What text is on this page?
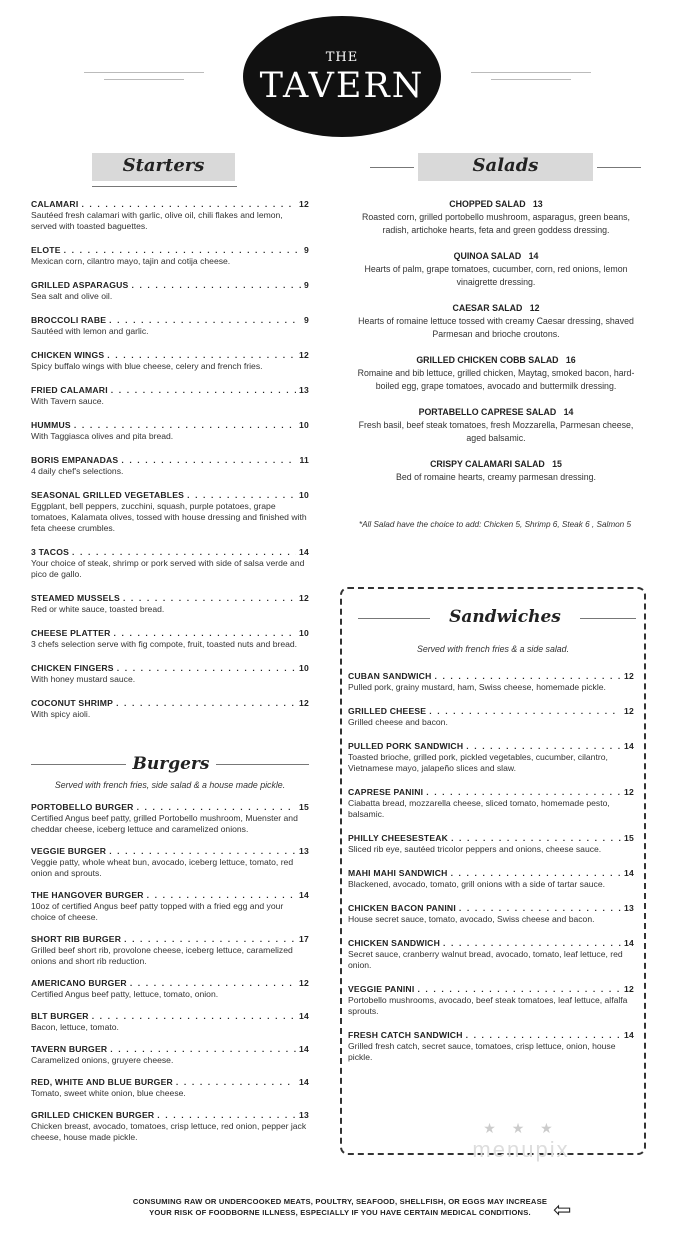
THE
TAVERN
Starters	Salads
CALAMARI . . .	12
Sautéed fresh calamari with garlic, olive oil, chili flakes and lemon, served with toasted baguettes.
ELOTE . . .	9
Mexican corn, cilantro mayo, tajin and cotija cheese.
GRILLED ASPARAGUS . . .	9
Sea salt and olive oil.
BROCCOLI RABE . . .	9
Sautéed with lemon and garlic.
CHICKEN WINGS . . .	12
Spicy buffalo wings with blue cheese, celery and french fries.
FRIED CALAMARI . . .	13
With Tavern sauce.
HUMMUS . . .	10
With Taggiasca olives and pita bread.
BORIS EMPANADAS . . .	11
4 daily chef's selections.
SEASONAL GRILLED VEGETABLES . . .	10
Eggplant, bell peppers, zucchini, squash, purple potatoes, grape tomatoes, Kalamata olives, tossed with house dressing and finished with feta cheese crumbles.
3 TACOS . . .	14
Your choice of steak, shrimp or pork served with side of salsa verde and pico de gallo.
STEAMED MUSSELS . . .	12
Red or white sauce, toasted bread.
CHEESE PLATTER . . .	10
3 chefs selection serve with fig compote, fruit, toasted nuts and bread.
CHICKEN FINGERS . . .	10
With honey mustard sauce.
COCONUT SHRIMP . . .	12
With spicy aioli.
CHOPPED SALAD 13
Roasted corn, grilled portobello mushroom, asparagus, green beans, radish, artichoke hearts, feta and green goddess dressing.
QUINOA SALAD 14
Hearts of palm, grape tomatoes, cucumber, corn, red onions, lemon vinaigrette dressing.
CAESAR SALAD 12
Hearts of romaine lettuce tossed with creamy Caesar dressing, shaved Parmesan and brioche croutons.
GRILLED CHICKEN COBB SALAD 16
Romaine and bib lettuce, grilled chicken, Maytag, smoked bacon, hard-boiled egg, grape tomatoes, avocado and buttermilk dressing.
PORTABELLO CAPRESE SALAD 14
Fresh basil, beef steak tomatoes, fresh Mozzarella, Parmesan cheese, aged balsamic.
CRISPY CALAMARI SALAD 15
Bed of romaine hearts, creamy parmesan dressing.
*All Salad have the choice to add: Chicken 5, Shrimp 6, Steak 6 , Salmon 5
Burgers
Served with french fries, side salad & a house made pickle.
PORTOBELLO BURGER . . .	15
Certified Angus beef patty, grilled Portobello mushroom, Muenster and cheddar cheese, iceberg lettuce and caramelized onions.
VEGGIE BURGER . . .	13
Veggie patty, whole wheat bun, avocado, iceberg lettuce, tomato, red onion and sprouts.
THE HANGOVER BURGER . . .	14
10oz of certified Angus beef patty topped with a fried egg and your choice of cheese.
SHORT RIB BURGER . . .	17
Grilled beef short rib, provolone cheese, iceberg lettuce, caramelized onions and short rib reduction.
AMERICANO BURGER . . .	12
Certified Angus beef patty, lettuce, tomato, onion.
BLT BURGER . . .	14
Bacon, lettuce, tomato.
TAVERN BURGER . . .	14
Caramelized onions, gruyere cheese.
RED, WHITE AND BLUE BURGER . . .	14
Tomato, sweet white onion, blue cheese.
GRILLED CHICKEN BURGER . . .	13
Chicken breast, avocado, tomatoes, crisp lettuce, red onion, pepper jack cheese, house made pickle.
Sandwiches
Served with french fries & a side salad.
CUBAN SANDWICH . . .	12
Pulled pork, grainy mustard, ham, Swiss cheese, homemade pickle.
GRILLED CHEESE . . .	12
Grilled cheese and bacon.
PULLED PORK SANDWICH . . .	14
Toasted brioche, grilled pork, pickled vegetables, cucumber, cilantro, Vietnamese mayo, jalapeño slices and slaw.
CAPRESE PANINI . . .	12
Ciabatta bread, mozzarella cheese, sliced tomato, homemade pesto, balsamic.
PHILLY CHEESESTEAK . . .	15
Sliced rib eye, sautéed tricolor peppers and onions, cheese sauce.
MAHI MAHI SANDWICH . . .	14
Blackened, avocado, tomato, grill onions with a side of tartar sauce.
CHICKEN BACON PANINI . . .	13
House secret sauce, tomato, avocado, Swiss cheese and bacon.
CHICKEN SANDWICH . . .	14
Secret sauce, cranberry walnut bread, avocado, tomato, leaf lettuce, red onion.
VEGGIE PANINI . . .	12
Portobello mushrooms, avocado, beef steak tomatoes, leaf lettuce, alfalfa sprouts.
FRESH CATCH SANDWICH . . .	14
Grilled fresh catch, secret sauce, tomatoes, crisp lettuce, onion, house pickle.
★ ★ ★
menupix
CONSUMING RAW OR UNDERCOOKED MEATS, POULTRY, SEAFOOD, SHELLFISH, OR EGGS MAY INCREASE
YOUR RISK OF FOODBORNE ILLNESS, ESPECIALLY IF YOU HAVE CERTAIN MEDICAL CONDITIONS.	⇦
